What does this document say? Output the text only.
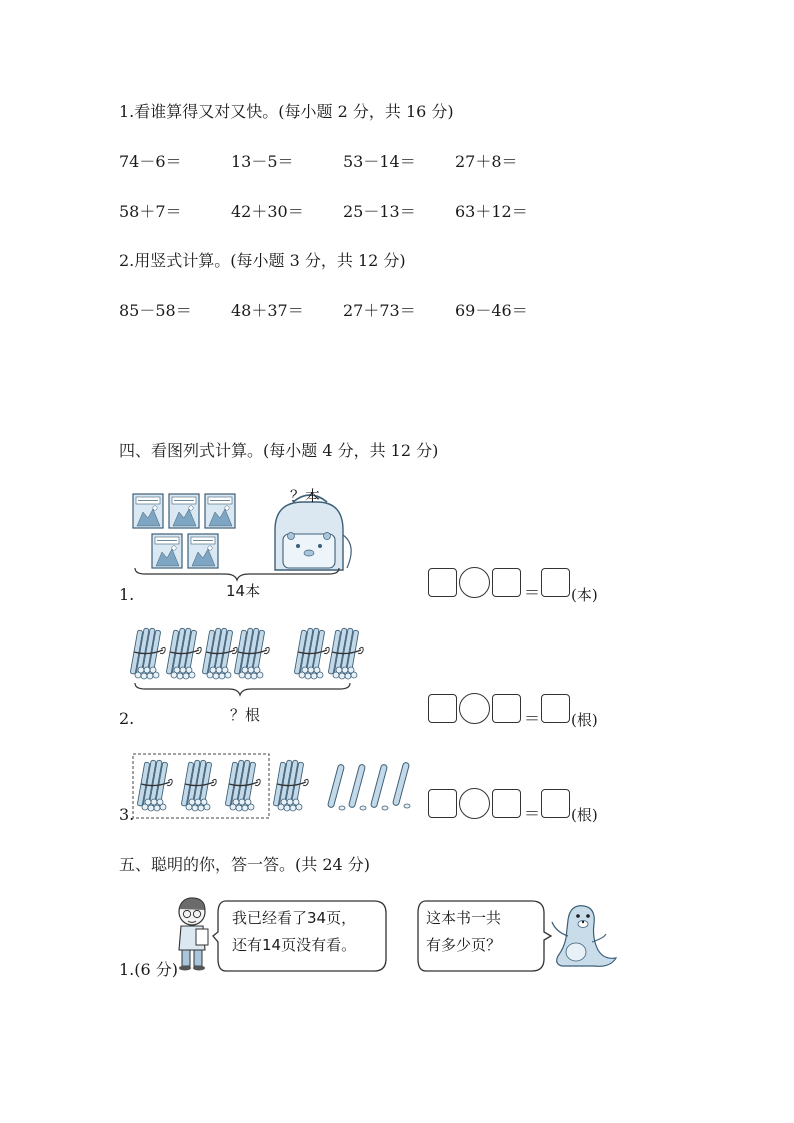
1.看谁算得又对又快。(每小题 2 分，共 16 分)
74－6＝	13－5＝	53－14＝ 27＋8＝
58＋7＝	42＋30＝ 25－13＝ 63＋12＝
2.用竖式计算。(每小题 3 分，共 12 分)
85－58＝ 48＋37＝ 27＋73＝ 69－46＝
四、看图列式计算。(每小题 4 分，共 12 分)
？本
14本
1.	＝ (本)
？根
2.	＝ (根)
3.	＝ (根)
五、聪明的你，答一答。(共 24 分)
1.(6 分)
我已经看了34页，
还有14页没有看。
这本书一共
有多少页？
